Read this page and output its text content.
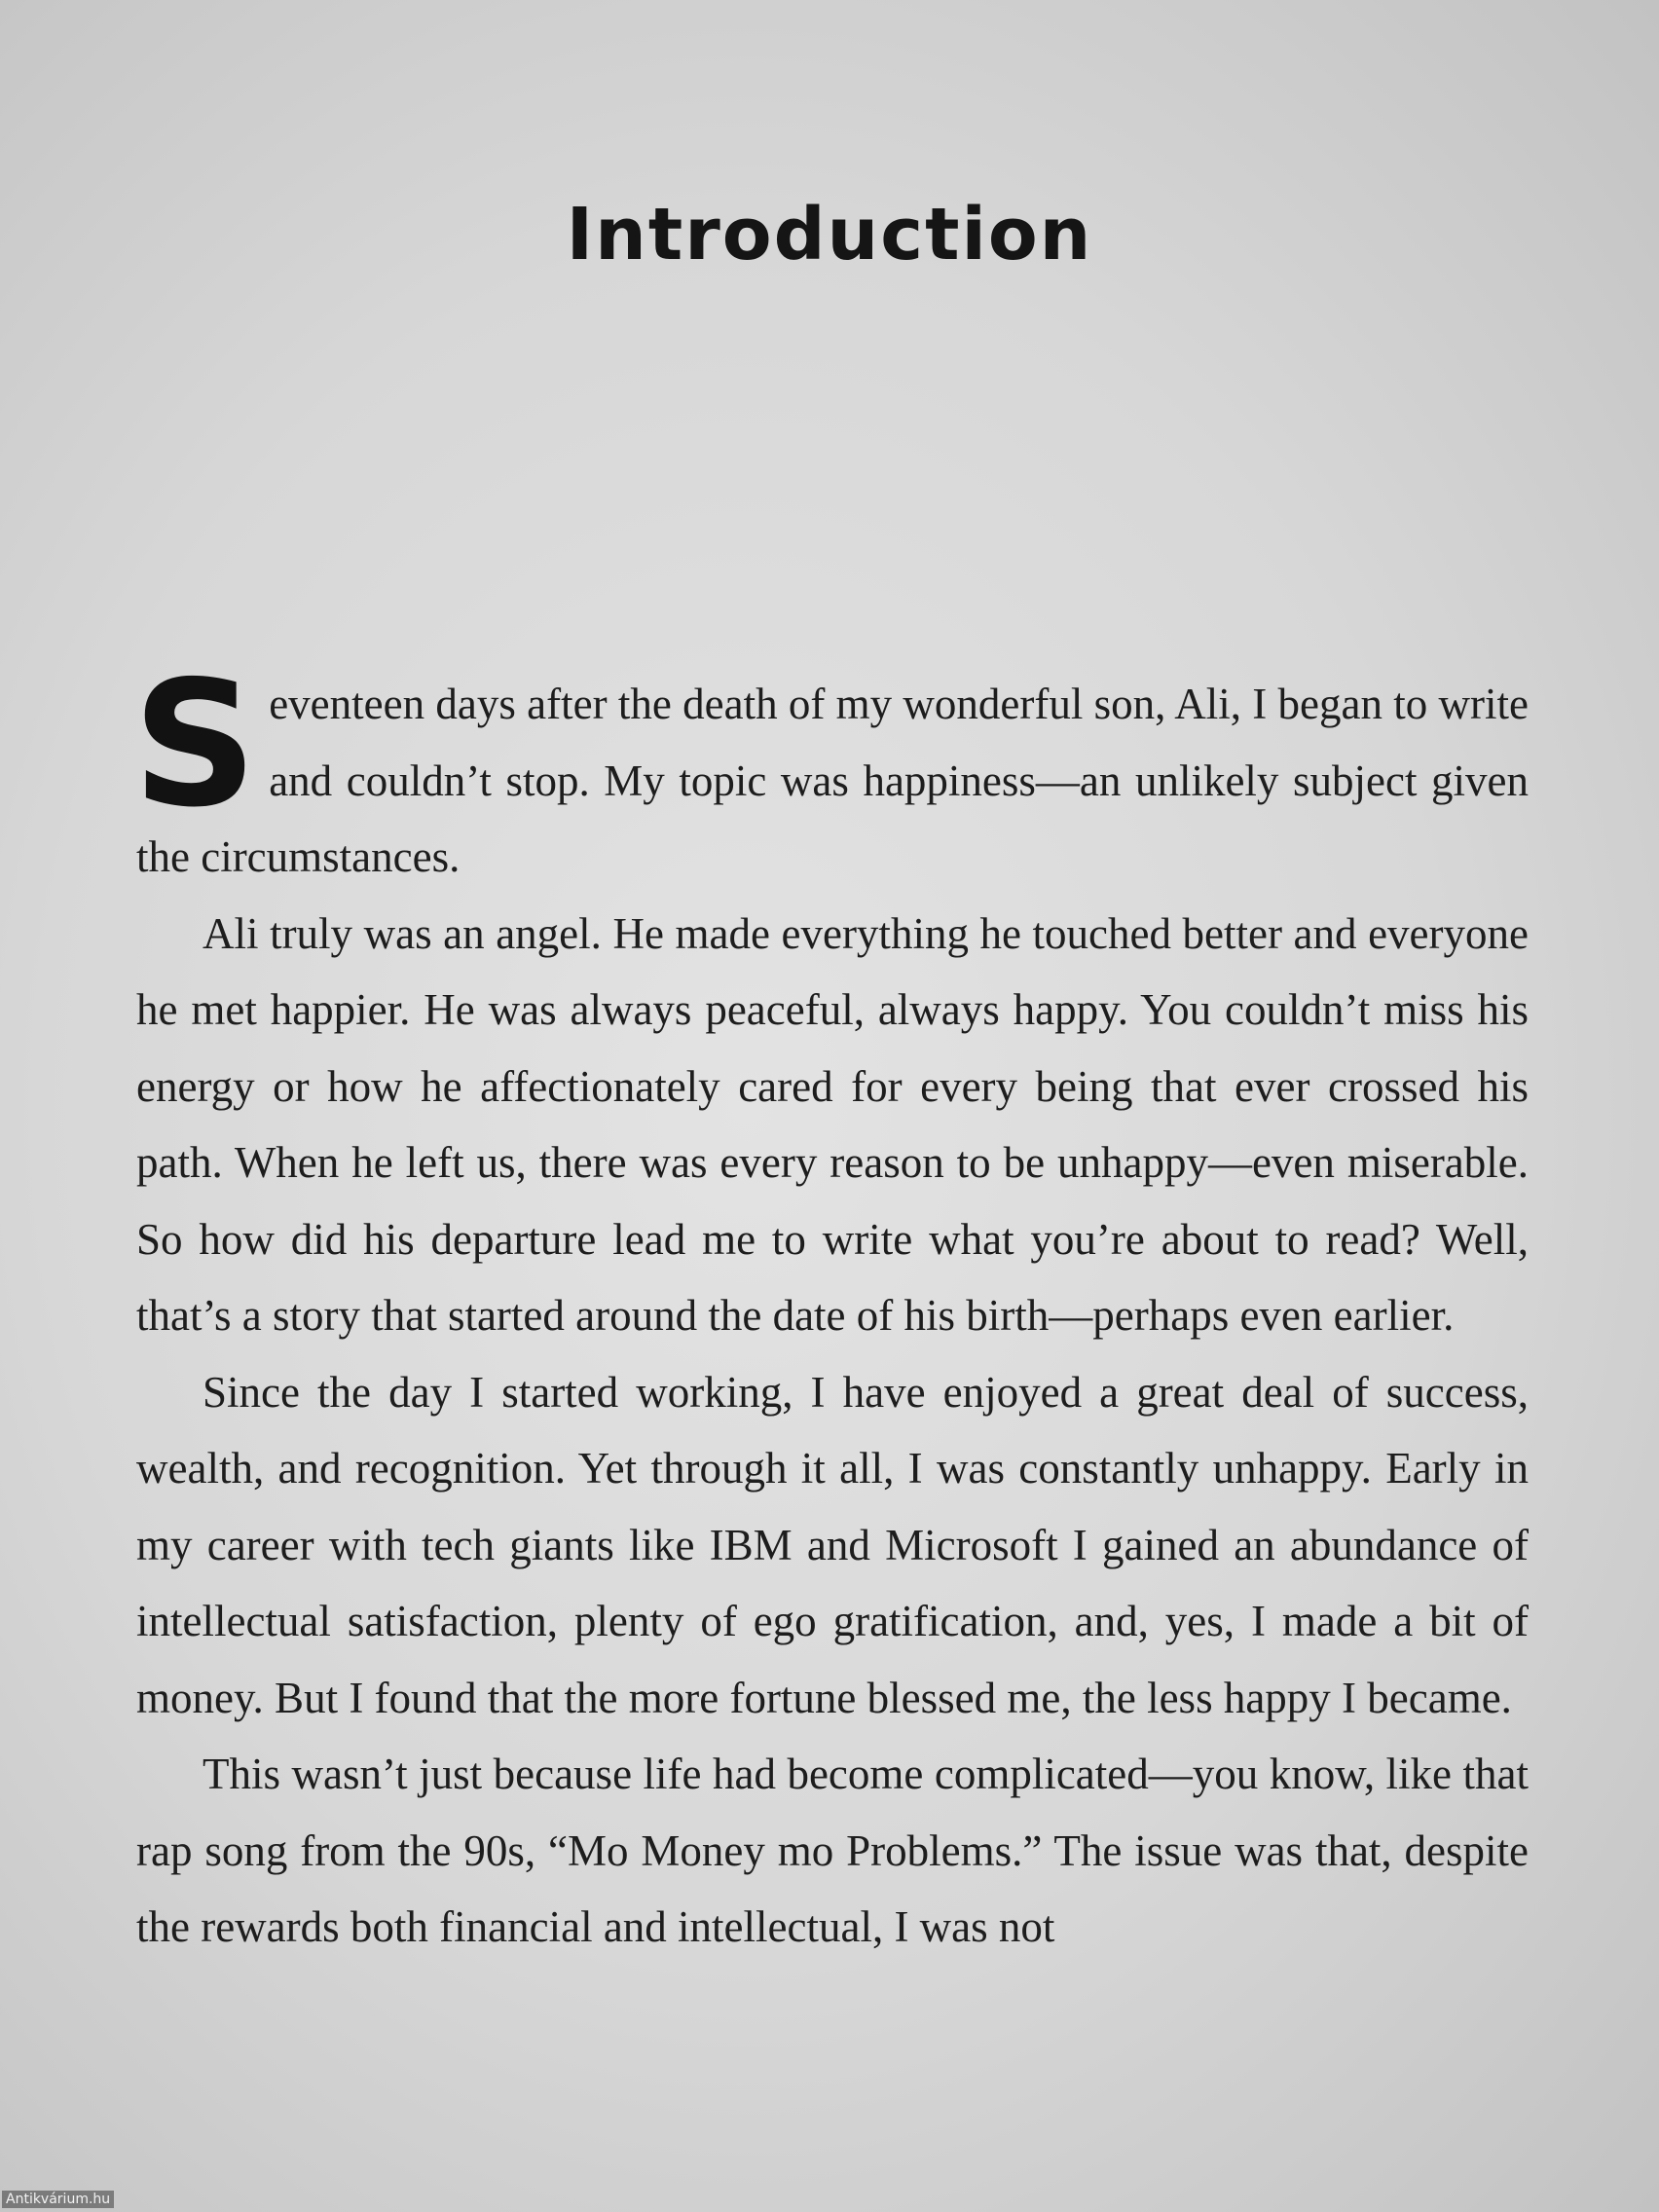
Introduction

Seventeen days after the death of my wonderful son, Ali, I began to write and couldn’t stop. My topic was happiness—an unlikely subject given the circumstances.

Ali truly was an angel. He made everything he touched better and everyone he met happier. He was always peaceful, always happy. You couldn’t miss his energy or how he affectionately cared for every being that ever crossed his path. When he left us, there was every reason to be unhappy—even miserable. So how did his departure lead me to write what you’re about to read? Well, that’s a story that started around the date of his birth—perhaps even earlier.

Since the day I started working, I have enjoyed a great deal of success, wealth, and recognition. Yet through it all, I was constantly unhappy. Early in my career with tech giants like IBM and Microsoft I gained an abundance of intellectual satisfaction, plenty of ego gratification, and, yes, I made a bit of money. But I found that the more fortune blessed me, the less happy I became.

This wasn’t just because life had become complicated—you know, like that rap song from the 90s, “Mo Money mo Problems.” The issue was that, despite the rewards both financial and intellectual, I was not

Antikvárium.hu
